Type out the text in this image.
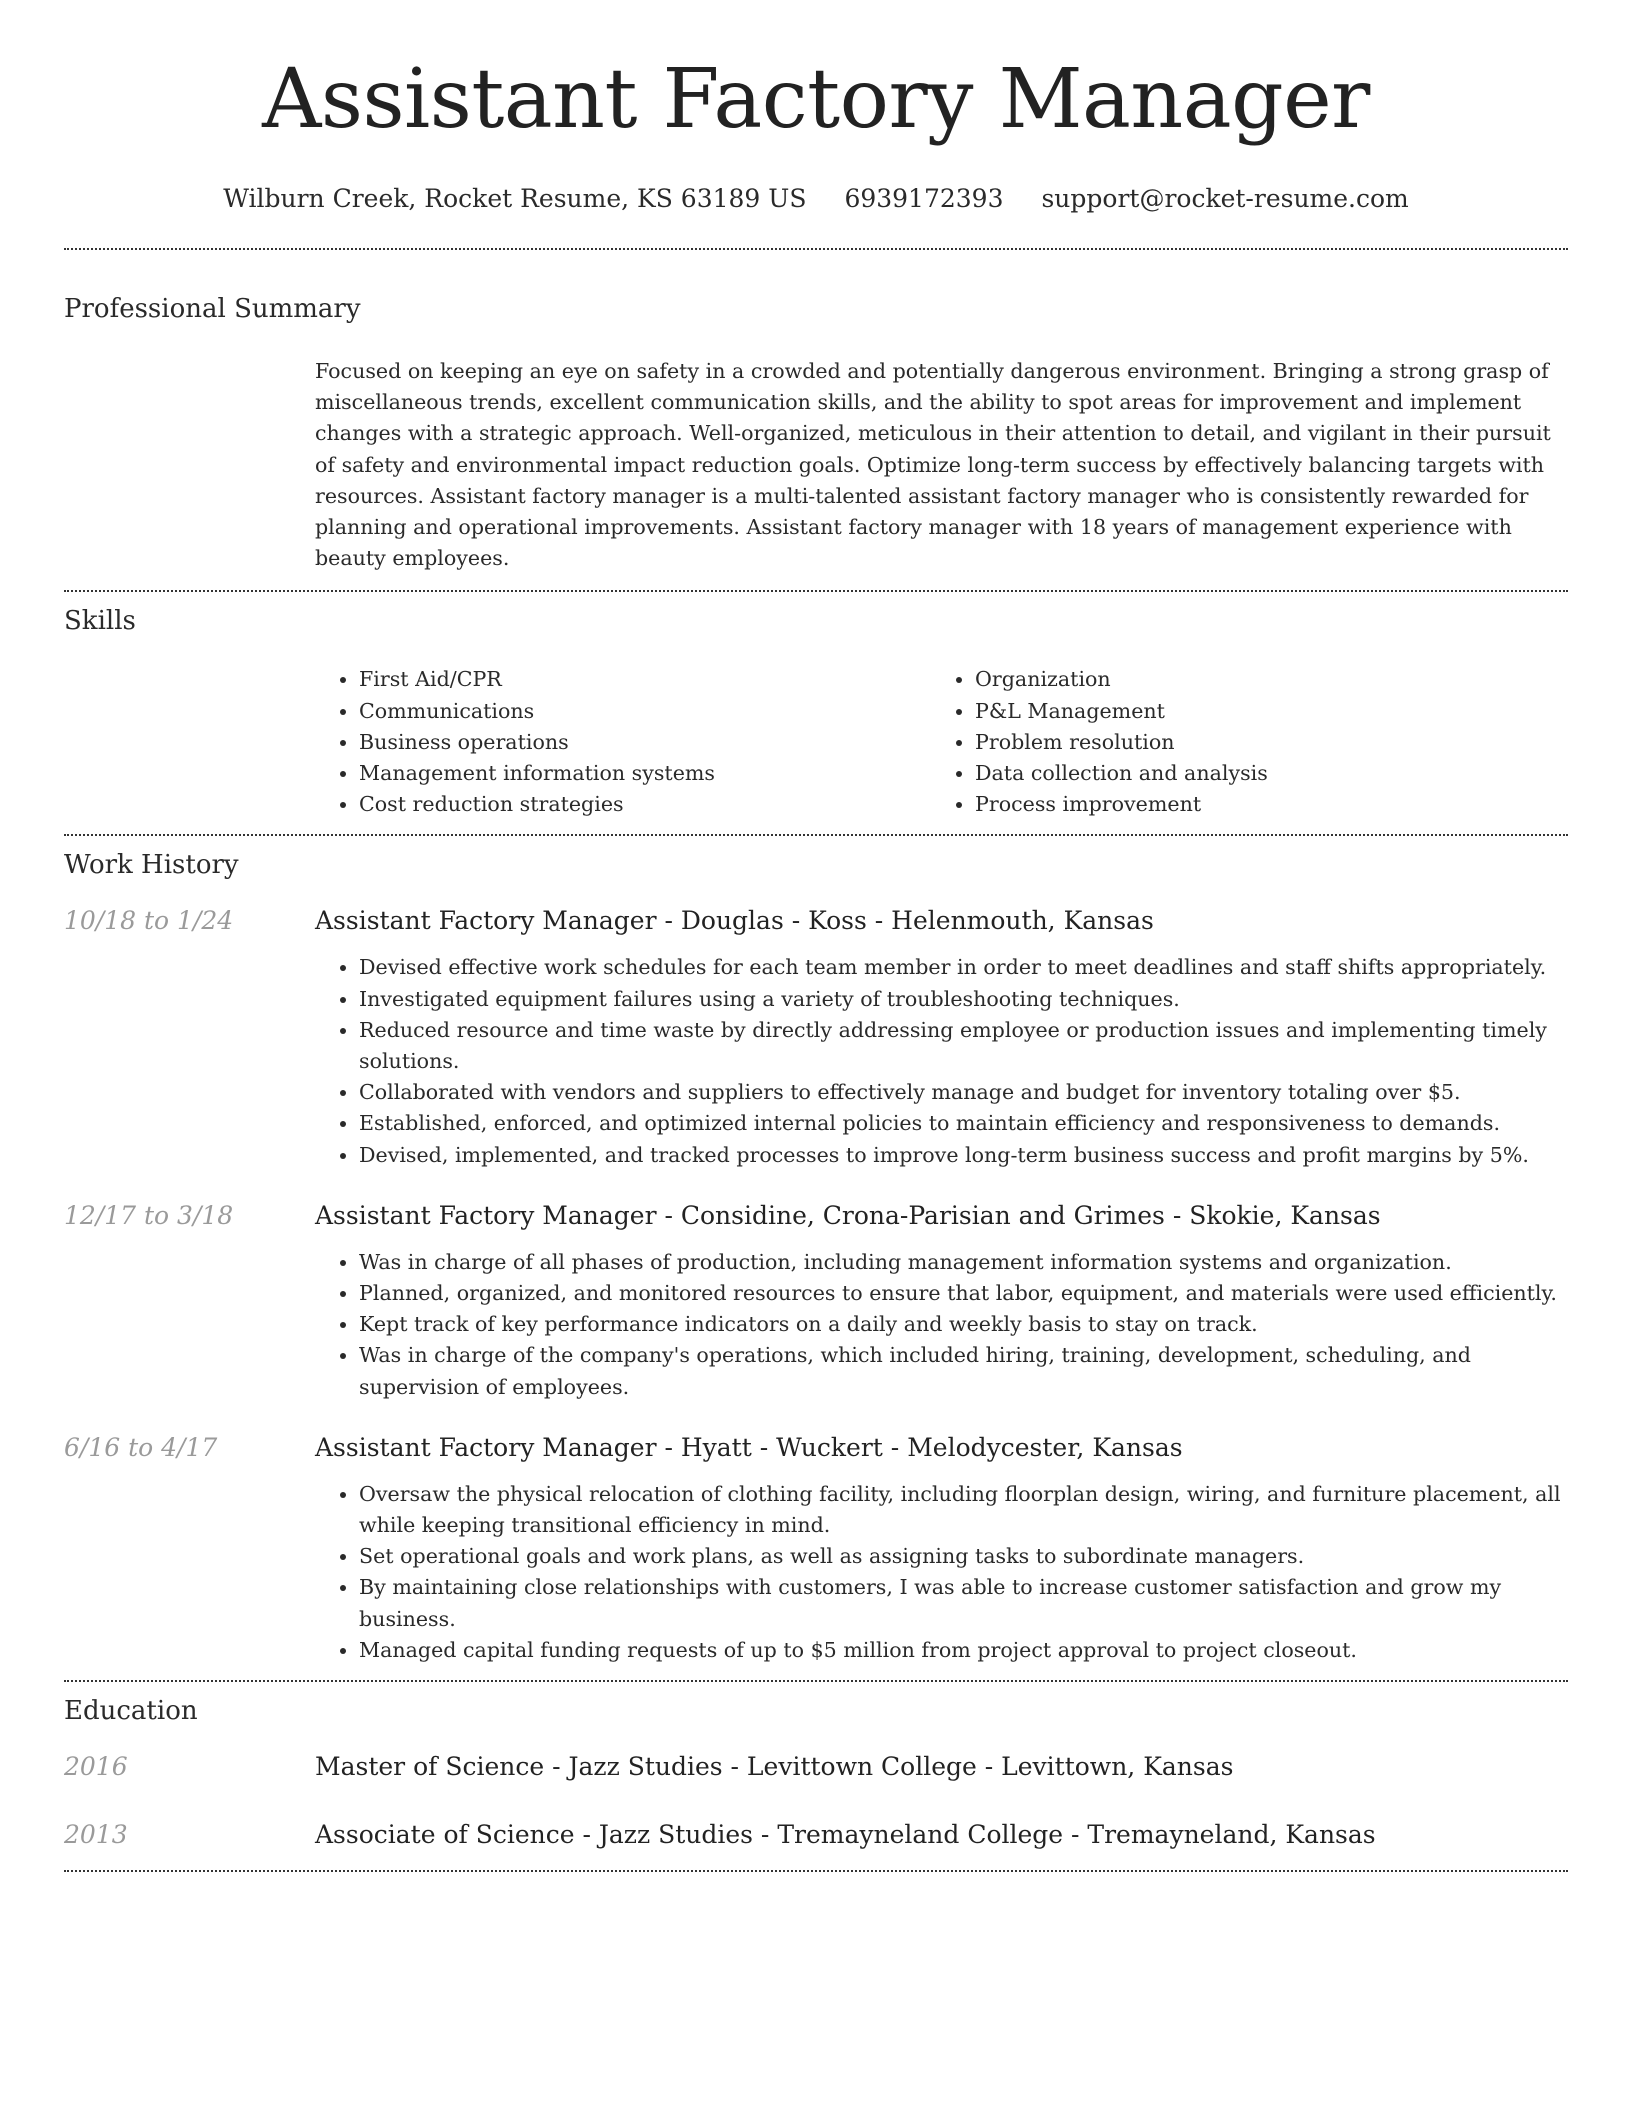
Assistant Factory Manager
Wilburn Creek, Rocket Resume, KS 63189 US 6939172393 support@rocket-resume.com
Professional Summary

Focused on keeping an eye on safety in a crowded and potentially dangerous environment. Bringing a strong grasp of miscellaneous trends, excellent communication skills, and the ability to spot areas for improvement and implement changes with a strategic approach. Well-organized, meticulous in their attention to detail, and vigilant in their pursuit of safety and environmental impact reduction goals. Optimize long-term success by effectively balancing targets with resources. Assistant factory manager is a multi-talented assistant factory manager who is consistently rewarded for planning and operational improvements. Assistant factory manager with 18 years of management experience with beauty employees.

Skills
• First Aid/CPR
• Communications
• Business operations
• Management information systems
• Cost reduction strategies
• Organization
• P&L Management
• Problem resolution
• Data collection and analysis
• Process improvement
Work History
10/18 to 1/24	Assistant Factory Manager - Douglas - Koss - Helenmouth, Kansas
• Devised effective work schedules for each team member in order to meet deadlines and staff shifts appropriately.
• Investigated equipment failures using a variety of troubleshooting techniques.
• Reduced resource and time waste by directly addressing employee or production issues and implementing timely solutions.
• Collaborated with vendors and suppliers to effectively manage and budget for inventory totaling over $5.
• Established, enforced, and optimized internal policies to maintain efficiency and responsiveness to demands.
• Devised, implemented, and tracked processes to improve long-term business success and profit margins by 5%.
12/17 to 3/18	Assistant Factory Manager - Considine, Crona-Parisian and Grimes - Skokie, Kansas
• Was in charge of all phases of production, including management information systems and organization.
• Planned, organized, and monitored resources to ensure that labor, equipment, and materials were used efficiently.
• Kept track of key performance indicators on a daily and weekly basis to stay on track.
• Was in charge of the company's operations, which included hiring, training, development, scheduling, and supervision of employees.
6/16 to 4/17	Assistant Factory Manager - Hyatt - Wuckert - Melodycester, Kansas
• Oversaw the physical relocation of clothing facility, including floorplan design, wiring, and furniture placement, all while keeping transitional efficiency in mind.
• Set operational goals and work plans, as well as assigning tasks to subordinate managers.
• By maintaining close relationships with customers, I was able to increase customer satisfaction and grow my business.
• Managed capital funding requests of up to $5 million from project approval to project closeout.
Education
2016	Master of Science - Jazz Studies - Levittown College - Levittown, Kansas
2013	Associate of Science - Jazz Studies - Tremayneland College - Tremayneland, Kansas
